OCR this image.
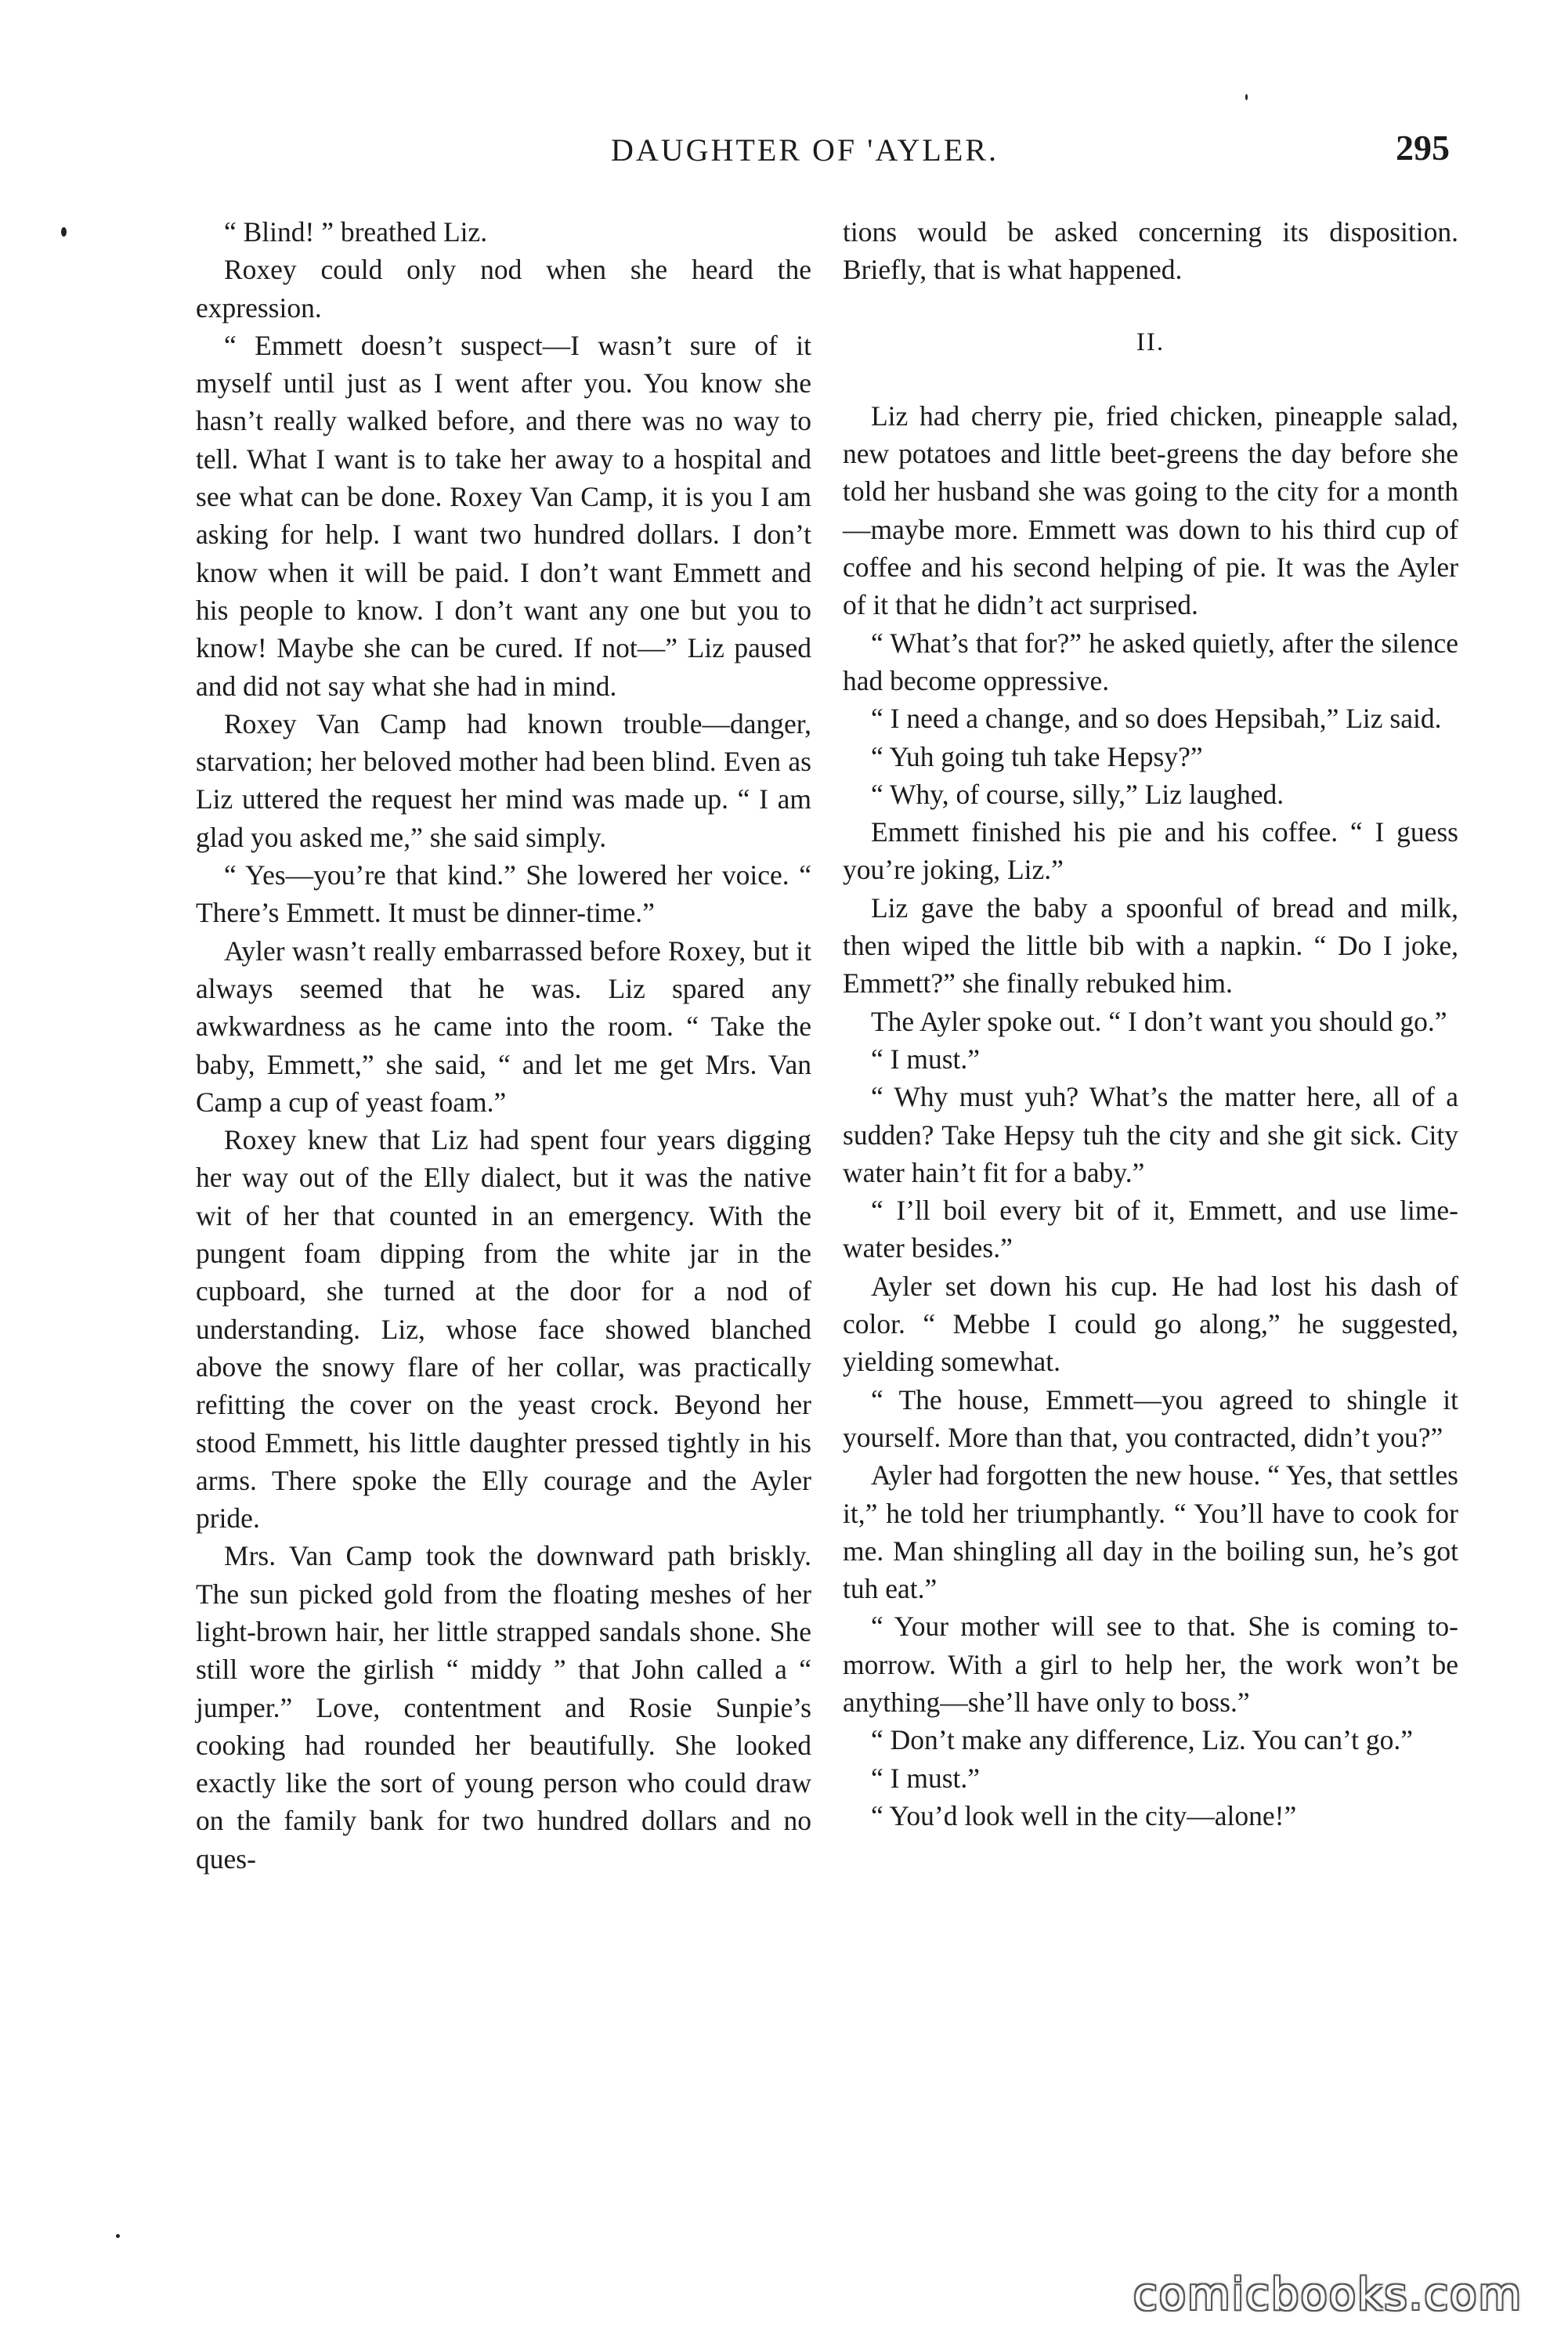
DAUGHTER OF 'AYLER.	295

“ Blind! ” breathed Liz.

Roxey could only nod when she heard the expression.

“ Emmett doesn’t suspect—I wasn’t sure of it myself until just as I went after you. You know she hasn’t really walked before, and there was no way to tell. What I want is to take her away to a hospital and see what can be done. Roxey Van Camp, it is you I am asking for help. I want two hundred dollars. I don’t know when it will be paid. I don’t want Emmett and his people to know. I don’t want any one but you to know! Maybe she can be cured. If not—” Liz paused and did not say what she had in mind.

Roxey Van Camp had known trouble—danger, starvation; her beloved mother had been blind. Even as Liz uttered the request her mind was made up. “ I am glad you asked me,” she said simply.

“ Yes—you’re that kind.” She lowered her voice. “ There’s Emmett. It must be dinner-time.”

Ayler wasn’t really embarrassed before Roxey, but it always seemed that he was. Liz spared any awkwardness as he came into the room. “ Take the baby, Emmett,” she said, “ and let me get Mrs. Van Camp a cup of yeast foam.”

Roxey knew that Liz had spent four years digging her way out of the Elly dialect, but it was the native wit of her that counted in an emergency. With the pungent foam dipping from the white jar in the cupboard, she turned at the door for a nod of understanding. Liz, whose face showed blanched above the snowy flare of her collar, was practically refitting the cover on the yeast crock. Beyond her stood Emmett, his little daughter pressed tightly in his arms. There spoke the Elly courage and the Ayler pride.

Mrs. Van Camp took the downward path briskly. The sun picked gold from the floating meshes of her light-brown hair, her little strapped sandals shone. She still wore the girlish “ middy ” that John called a “ jumper.” Love, contentment and Rosie Sunpie’s cooking had rounded her beautifully. She looked exactly like the sort of young person who could draw on the family bank for two hundred dollars and no ques-

tions would be asked concerning its disposition. Briefly, that is what happened.

II.

Liz had cherry pie, fried chicken, pineapple salad, new potatoes and little beet-greens the day before she told her husband she was going to the city for a month—maybe more. Emmett was down to his third cup of coffee and his second helping of pie. It was the Ayler of it that he didn’t act surprised.

“ What’s that for?” he asked quietly, after the silence had become oppressive.

“ I need a change, and so does Hepsibah,” Liz said.

“ Yuh going tuh take Hepsy?”

“ Why, of course, silly,” Liz laughed.

Emmett finished his pie and his coffee. “ I guess you’re joking, Liz.”

Liz gave the baby a spoonful of bread and milk, then wiped the little bib with a napkin. “ Do I joke, Emmett?” she finally rebuked him.

The Ayler spoke out. “ I don’t want you should go.”

“ I must.”

“ Why must yuh? What’s the matter here, all of a sudden? Take Hepsy tuh the city and she git sick. City water hain’t fit for a baby.”

“ I’ll boil every bit of it, Emmett, and use lime-water besides.”

Ayler set down his cup. He had lost his dash of color. “ Mebbe I could go along,” he suggested, yielding somewhat.

“ The house, Emmett—you agreed to shingle it yourself. More than that, you contracted, didn’t you?”

Ayler had forgotten the new house. “ Yes, that settles it,” he told her triumphantly. “ You’ll have to cook for me. Man shingling all day in the boiling sun, he’s got tuh eat.”

“ Your mother will see to that. She is coming to-morrow. With a girl to help her, the work won’t be anything—she’ll have only to boss.”

“ Don’t make any difference, Liz. You can’t go.”

“ I must.”

“ You’d look well in the city—alone!”

comicbooks.com
